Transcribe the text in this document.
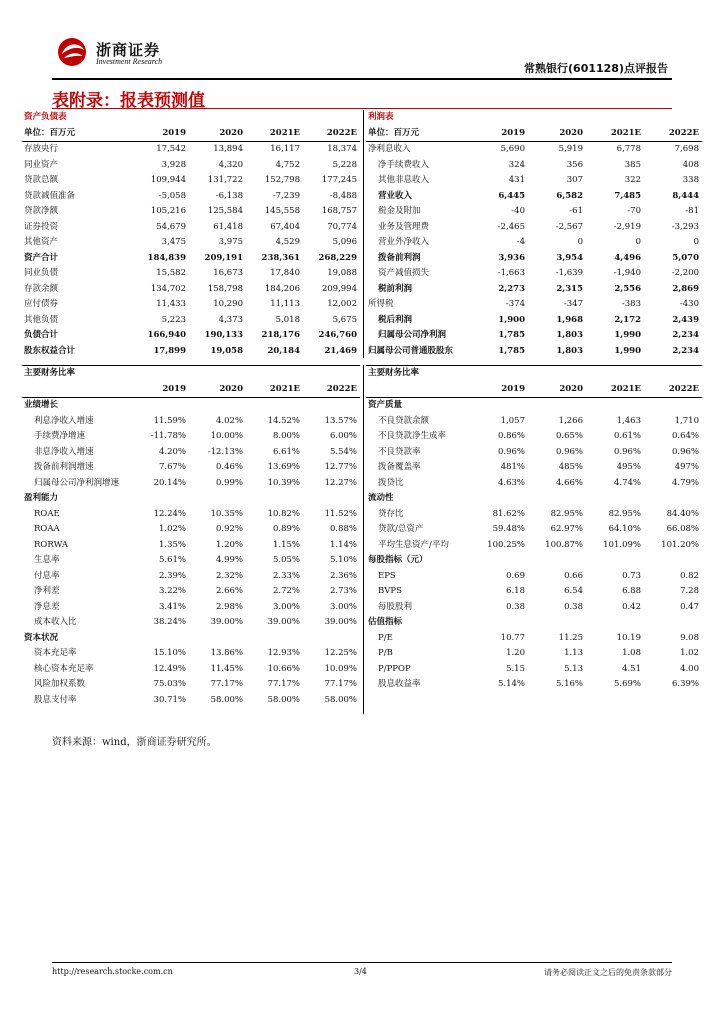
浙商证券
Investment Research
常熟银行(601128)点评报告
表附录：报表预测值
资产负债表				
单位：百万元	2019	2020	2021E	2022E
存放央行	17,542	13,894	16,117	18,374
同业资产	3,928	4,320	4,752	5,228
贷款总额	109,944	131,722	152,798	177,245
贷款减值准备	-5,058	-6,138	-7,239	-8,488
贷款净额	105,216	125,584	145,558	168,757
证券投资	54,679	61,418	67,404	70,774
其他资产	3,475	3,975	4,529	5,096
资产合计	184,839	209,191	238,361	268,229
同业负债	15,582	16,673	17,840	19,088
存款余额	134,702	158,798	184,206	209,994
应付债券	11,433	10,290	11,113	12,002
其他负债	5,223	4,373	5,018	5,675
负债合计	166,940	190,133	218,176	246,760
股东权益合计	17,899	19,058	20,184	21,469
利润表				
单位：百万元	2019	2020	2021E	2022E
净利息收入	5,690	5,919	6,778	7,698
净手续费收入	324	356	385	408
其他非息收入	431	307	322	338
营业收入	6,445	6,582	7,485	8,444
税金及附加	-40	-61	-70	-81
业务及管理费	-2,465	-2,567	-2,919	-3,293
营业外净收入	-4	0	0	0
拨备前利润	3,936	3,954	4,496	5,070
资产减值损失	-1,663	-1,639	-1,940	-2,200
税前利润	2,273	2,315	2,556	2,869
所得税	-374	-347	-383	-430
税后利润	1,900	1,968	2,172	2,439
归属母公司净利润	1,785	1,803	1,990	2,234
归属母公司普通股股东	1,785	1,803	1,990	2,234
主要财务比率				
	2019	2020	2021E	2022E
业绩增长				
利息净收入增速	11.59%	4.02%	14.52%	13.57%
手续费净增速	-11.78%	10.00%	8.00%	6.00%
非息净收入增速	4.20%	-12.13%	6.61%	5.54%
拨备前利润增速	7.67%	0.46%	13.69%	12.77%
归属母公司净利润增速	20.14%	0.99%	10.39%	12.27%
盈利能力				
ROAE	12.24%	10.35%	10.82%	11.52%
ROAA	1.02%	0.92%	0.89%	0.88%
RORWA	1.35%	1.20%	1.15%	1.14%
生息率	5.61%	4.99%	5.05%	5.10%
付息率	2.39%	2.32%	2.33%	2.36%
净利差	3.22%	2.66%	2.72%	2.73%
净息差	3.41%	2.98%	3.00%	3.00%
成本收入比	38.24%	39.00%	39.00%	39.00%
资本状况				
资本充足率	15.10%	13.86%	12.93%	12.25%
核心资本充足率	12.49%	11.45%	10.66%	10.09%
风险加权系数	75.03%	77.17%	77.17%	77.17%
股息支付率	30.71%	58.00%	58.00%	58.00%
主要财务比率				
	2019	2020	2021E	2022E
资产质量				
不良贷款余额	1,057	1,266	1,463	1,710
不良贷款净生成率	0.86%	0.65%	0.61%	0.64%
不良贷款率	0.96%	0.96%	0.96%	0.96%
拨备覆盖率	481%	485%	495%	497%
拨贷比	4.63%	4.66%	4.74%	4.79%
流动性				
贷存比	81.62%	82.95%	82.95%	84.40%
贷款/总资产	59.48%	62.97%	64.10%	66.08%
平均生息资产/平均	100.25%	100.87%	101.09%	101.20%
每股指标（元）				
EPS	0.69	0.66	0.73	0.82
BVPS	6.18	6.54	6.88	7.28
每股股利	0.38	0.38	0.42	0.47
估值指标				
P/E	10.77	11.25	10.19	9.08
P/B	1.20	1.13	1.08	1.02
P/PPOP	5.15	5.13	4.51	4.00
股息收益率	5.14%	5.16%	5.69%	6.39%
资料来源：wind，浙商证券研究所。
http://research.stocke.com.cn	3/4	请务必阅读正文之后的免责条款部分
